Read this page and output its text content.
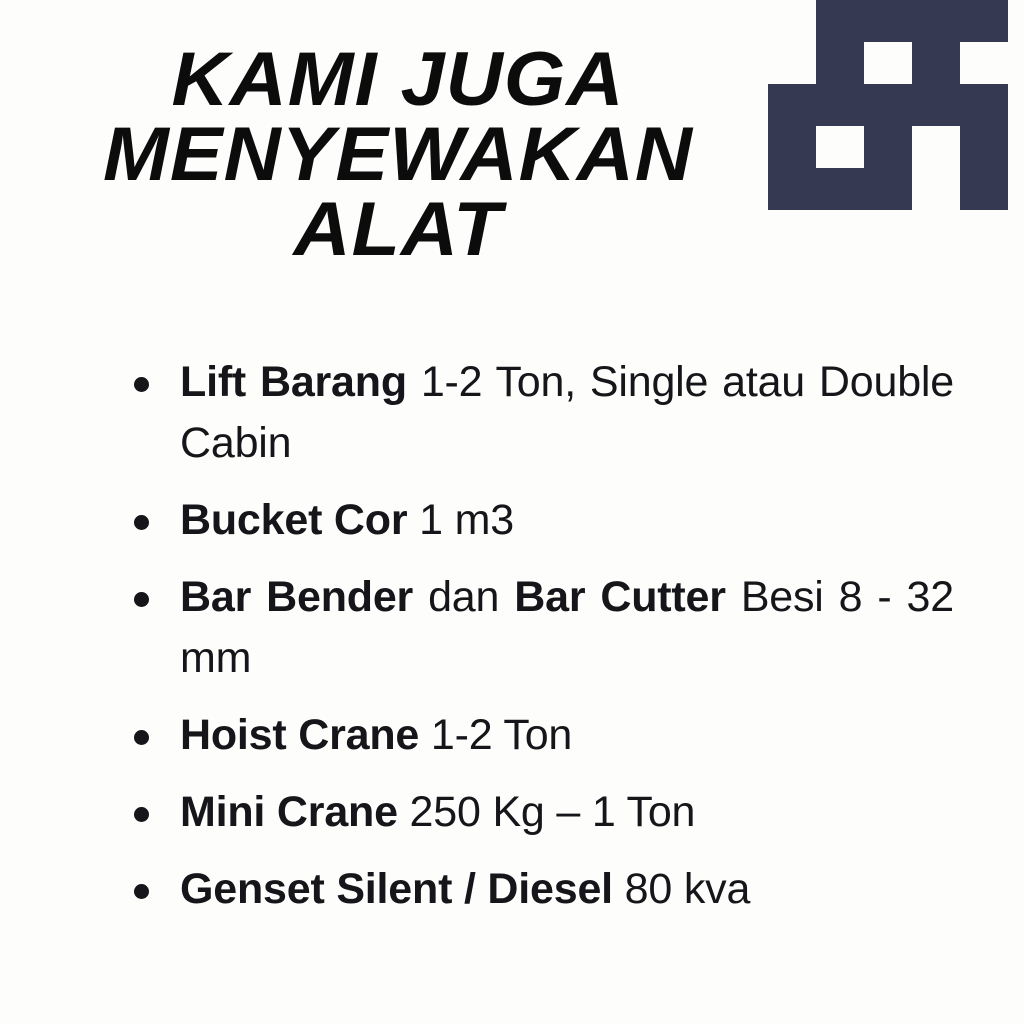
KAMI JUGA
MENYEWAKAN
ALAT
Lift Barang 1-2 Ton, Single atau Double Cabin
Bucket Cor 1 m3
Bar Bender dan Bar Cutter Besi 8 - 32 mm
Hoist Crane 1-2 Ton
Mini Crane 250 Kg – 1 Ton
Genset Silent / Diesel 80 kva
